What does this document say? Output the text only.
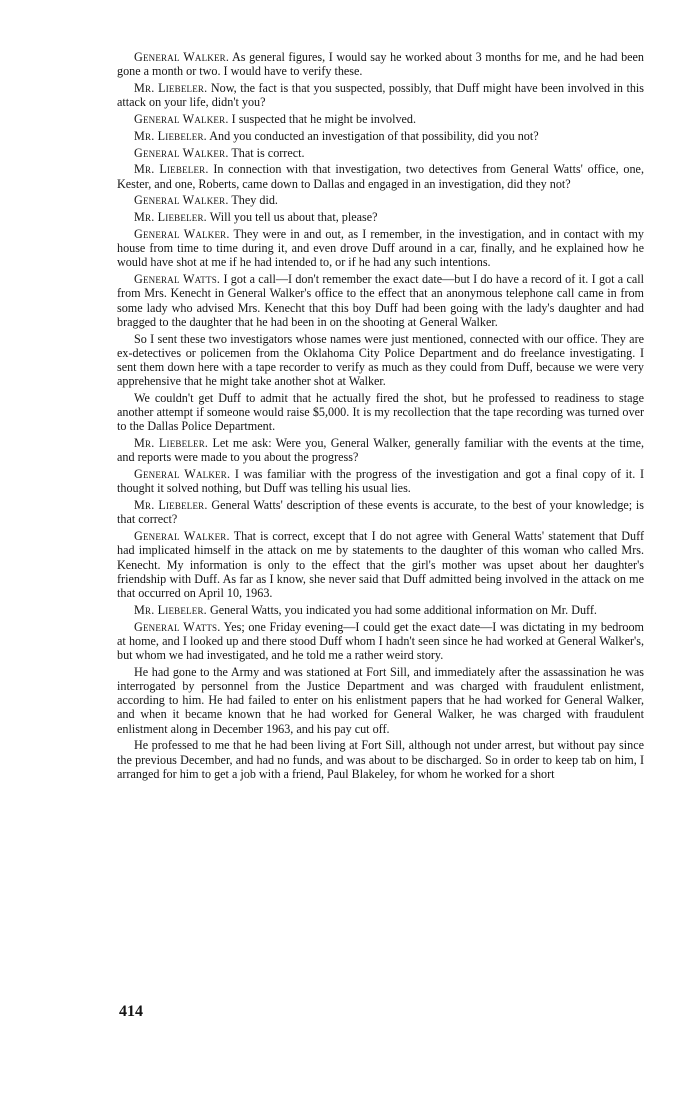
General Walker. As general figures, I would say he worked about 3 months for me, and he had been gone a month or two. I would have to verify these.

Mr. Liebeler. Now, the fact is that you suspected, possibly, that Duff might have been involved in this attack on your life, didn't you?

General Walker. I suspected that he might be involved.

Mr. Liebeler. And you conducted an investigation of that possibility, did you not?

General Walker. That is correct.

Mr. Liebeler. In connection with that investigation, two detectives from General Watts' office, one, Kester, and one, Roberts, came down to Dallas and engaged in an investigation, did they not?

General Walker. They did.

Mr. Liebeler. Will you tell us about that, please?

General Walker. They were in and out, as I remember, in the investigation, and in contact with my house from time to time during it, and even drove Duff around in a car, finally, and he explained how he would have shot at me if he had intended to, or if he had any such intentions.

General Watts. I got a call—I don't remember the exact date—but I do have a record of it. I got a call from Mrs. Kenecht in General Walker's office to the effect that an anonymous telephone call came in from some lady who advised Mrs. Kenecht that this boy Duff had been going with the lady's daughter and had bragged to the daughter that he had been in on the shooting at General Walker.

So I sent these two investigators whose names were just mentioned, connected with our office. They are ex-detectives or policemen from the Oklahoma City Police Department and do freelance investigating. I sent them down here with a tape recorder to verify as much as they could from Duff, because we were very apprehensive that he might take another shot at Walker.

We couldn't get Duff to admit that he actually fired the shot, but he professed to readiness to stage another attempt if someone would raise $5,000. It is my recollection that the tape recording was turned over to the Dallas Police Department.

Mr. Liebeler. Let me ask: Were you, General Walker, generally familiar with the events at the time, and reports were made to you about the progress?

General Walker. I was familiar with the progress of the investigation and got a final copy of it. I thought it solved nothing, but Duff was telling his usual lies.

Mr. Liebeler. General Watts' description of these events is accurate, to the best of your knowledge; is that correct?

General Walker. That is correct, except that I do not agree with General Watts' statement that Duff had implicated himself in the attack on me by statements to the daughter of this woman who called Mrs. Kenecht. My information is only to the effect that the girl's mother was upset about her daughter's friendship with Duff. As far as I know, she never said that Duff admitted being involved in the attack on me that occurred on April 10, 1963.

Mr. Liebeler. General Watts, you indicated you had some additional information on Mr. Duff.

General Watts. Yes; one Friday evening—I could get the exact date—I was dictating in my bedroom at home, and I looked up and there stood Duff whom I hadn't seen since he had worked at General Walker's, but whom we had investigated, and he told me a rather weird story.

He had gone to the Army and was stationed at Fort Sill, and immediately after the assassination he was interrogated by personnel from the Justice Department and was charged with fraudulent enlistment, according to him. He had failed to enter on his enlistment papers that he had worked for General Walker, and when it became known that he had worked for General Walker, he was charged with fraudulent enlistment along in December 1963, and his pay cut off.

He professed to me that he had been living at Fort Sill, although not under arrest, but without pay since the previous December, and had no funds, and was about to be discharged. So in order to keep tab on him, I arranged for him to get a job with a friend, Paul Blakeley, for whom he worked for a short

414
